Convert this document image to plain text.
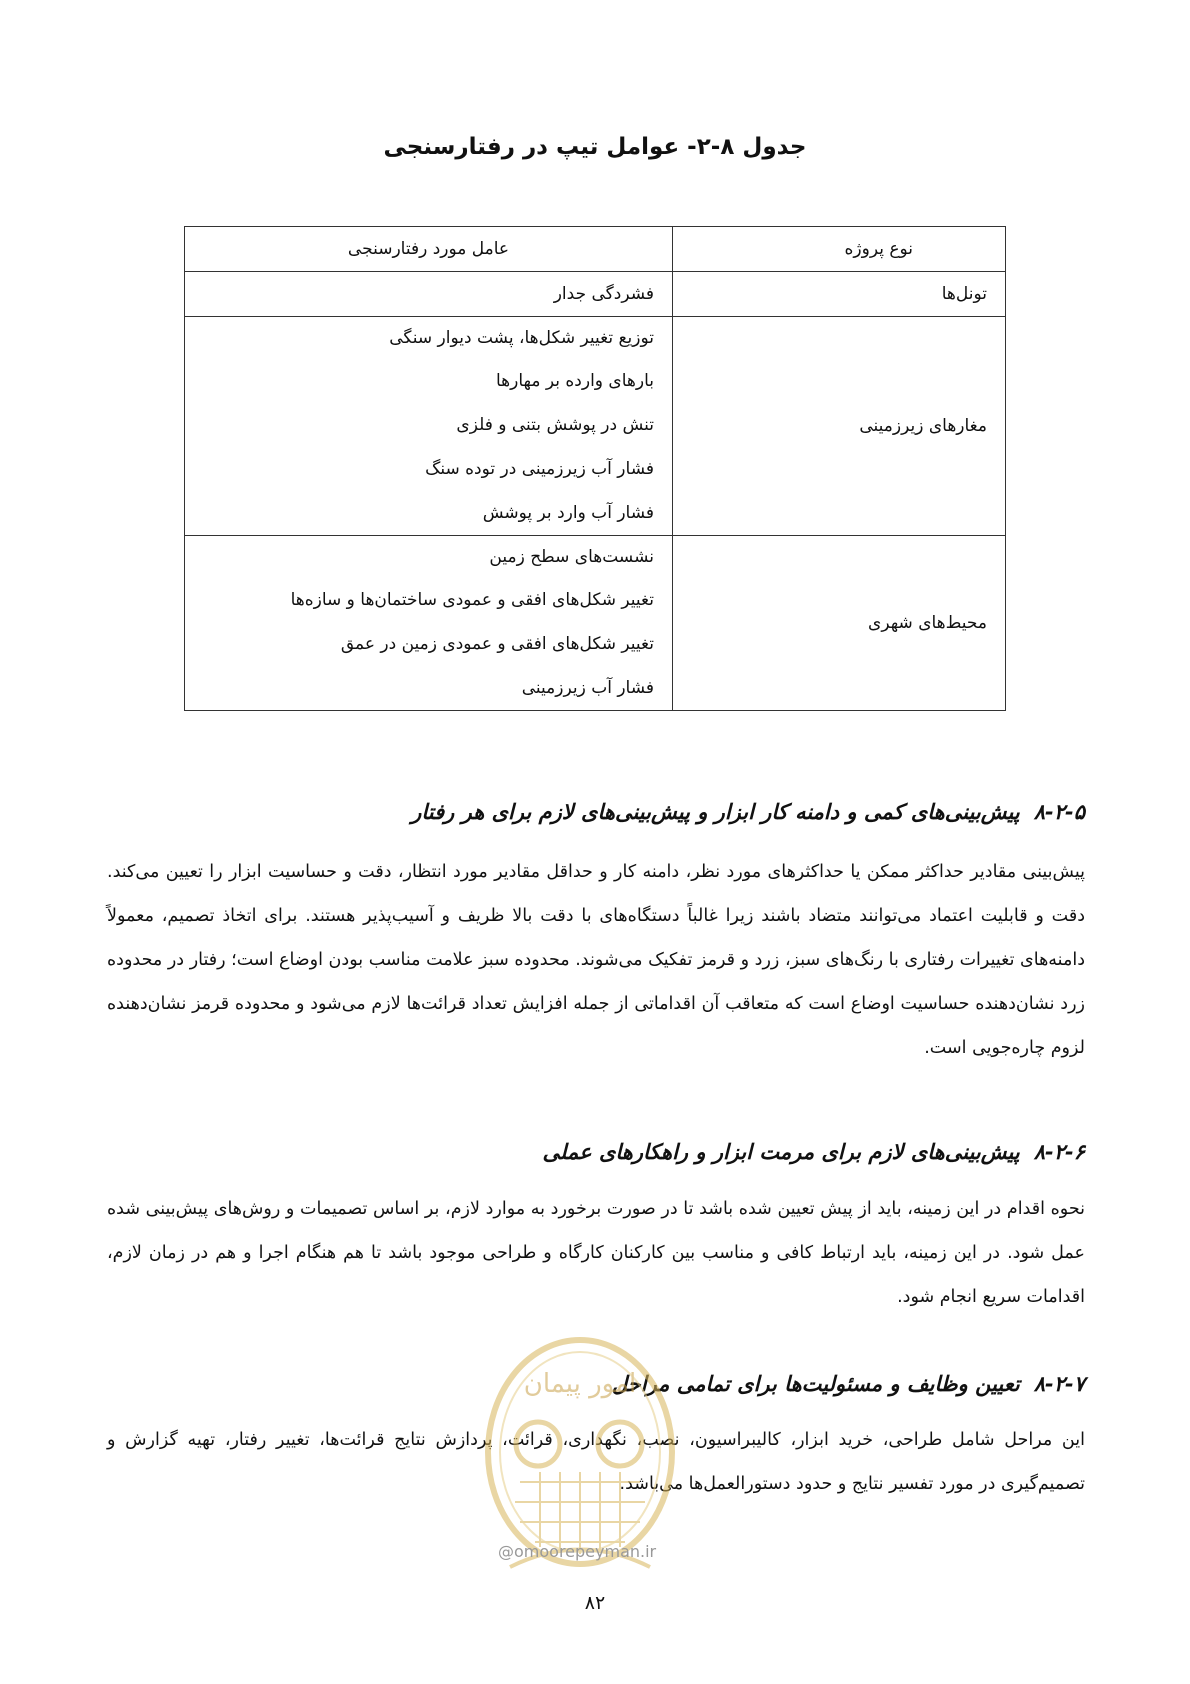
جدول ۸-۲- عوامل تیپ در رفتارسنجی
نوع پروژه	عامل مورد رفتارسنجی
تونل‌ها	فشردگی جدار

مغارهای زیرزمینی	توزیع تغییر شکل‌ها، پشت دیوار سنگی
بارهای وارده بر مهارها
تنش در پوشش بتنی و فلزی
فشار آب زیرزمینی در توده سنگ
فشار آب وارد بر پوشش

محیط‌های شهری	نشست‌های سطح زمین
تغییر شکل‌های افقی و عمودی ساختمان‌ها و سازه‌ها
تغییر شکل‌های افقی و عمودی زمین در عمق
فشار آب زیرزمینی
۸-۲-۵پیش‌بینی‌های کمی و دامنه کار ابزار و پیش‌بینی‌های لازم برای هر رفتار
پیش‌بینی مقادیر حداکثر ممکن یا حداکثرهای مورد نظر، دامنه کار و حداقل مقادیر مورد انتظار، دقت و حساسیت ابزار را تعیین می‌کند. دقت و قابلیت اعتماد می‌توانند متضاد باشند زیرا غالباً دستگاه‌های با دقت بالا ظریف و آسیب‌پذیر هستند. برای اتخاذ تصمیم، معمولاً دامنه‌های تغییرات رفتاری با رنگ‌های سبز، زرد و قرمز تفکیک می‌شوند. محدوده سبز علامت مناسب بودن اوضاع است؛ رفتار در محدوده زرد نشان‌دهنده حساسیت اوضاع است که متعاقب آن اقداماتی از جمله افزایش تعداد قرائت‌ها لازم می‌شود و محدوده قرمز نشان‌دهنده لزوم چاره‌جویی است.
۸-۲-۶پیش‌بینی‌های لازم برای مرمت ابزار و راهکارهای عملی
نحوه اقدام در این زمینه، باید از پیش تعیین شده باشد تا در صورت برخورد به موارد لازم، بر اساس تصمیمات و روش‌های پیش‌بینی شده عمل شود. در این زمینه، باید ارتباط کافی و مناسب بین کارکنان کارگاه و طراحی موجود باشد تا هم هنگام اجرا و هم در زمان لازم، اقدامات سریع انجام شود.
۸-۲-۷تعیین وظایف و مسئولیت‌ها برای تمامی مراحل
این مراحل شامل طراحی، خرید ابزار، کالیبراسیون، نصب، نگهداری، قرائت، پردازش نتایج قرائت‌ها، تغییر رفتار، تهیه گزارش و تصمیم‌گیری در مورد تفسیر نتایج و حدود دستورالعمل‌ها می‌باشد.
امور پیمان
@omoorepeyman.ir
۸۲
